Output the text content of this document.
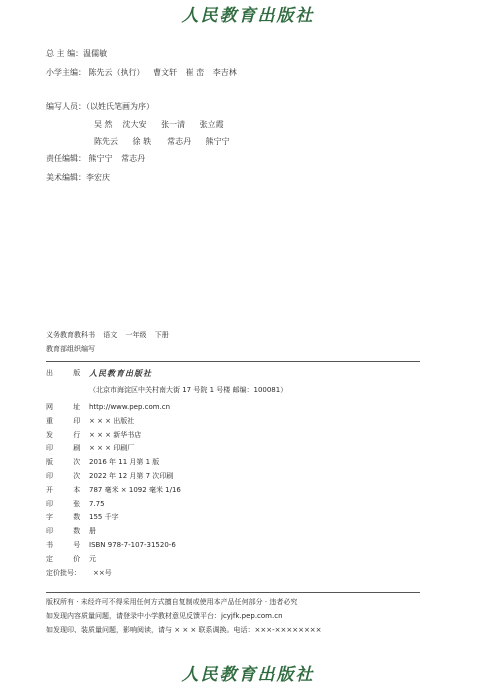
人民教育出版社
总 主 编：温儒敏
小学主编： 陈先云（执行） 曹文轩 崔 峦 李吉林
编写人员：（以姓氏笔画为序）
吴 然 沈大安 张一清 张立霞
陈先云 徐 轶 常志丹 熊宁宁
责任编辑： 熊宁宁 常志丹
美术编辑：李宏庆
义务教育教科书 语文 一年级 下册
教育部组织编写
出 版 人民教育出版社
（北京市海淀区中关村南大街 17 号院 1 号楼 邮编：100081）
网 址 http://www.pep.com.cn
重 印 × × × 出版社
发 行 × × × 新华书店
印 刷 × × × 印刷厂
版 次 2016 年 11 月第 1 版
印 次 2022 年 12 月第 7 次印刷
开 本 787 毫米 × 1092 毫米 1/16
印 张 7.75
字 数 155 千字
印 数 册
书 号 ISBN 978-7-107-31520-6
定 价 元
定价批号：	××号
版权所有 · 未经许可不得采用任何方式擅自复制或使用本产品任何部分 · 违者必究
如发现内容质量问题，请登录中小学教材意见反馈平台：jcyjfk.pep.com.cn
如发现印、装质量问题，影响阅读，请与 × × × 联系调换。电话：×××-××××××××
人民教育出版社
